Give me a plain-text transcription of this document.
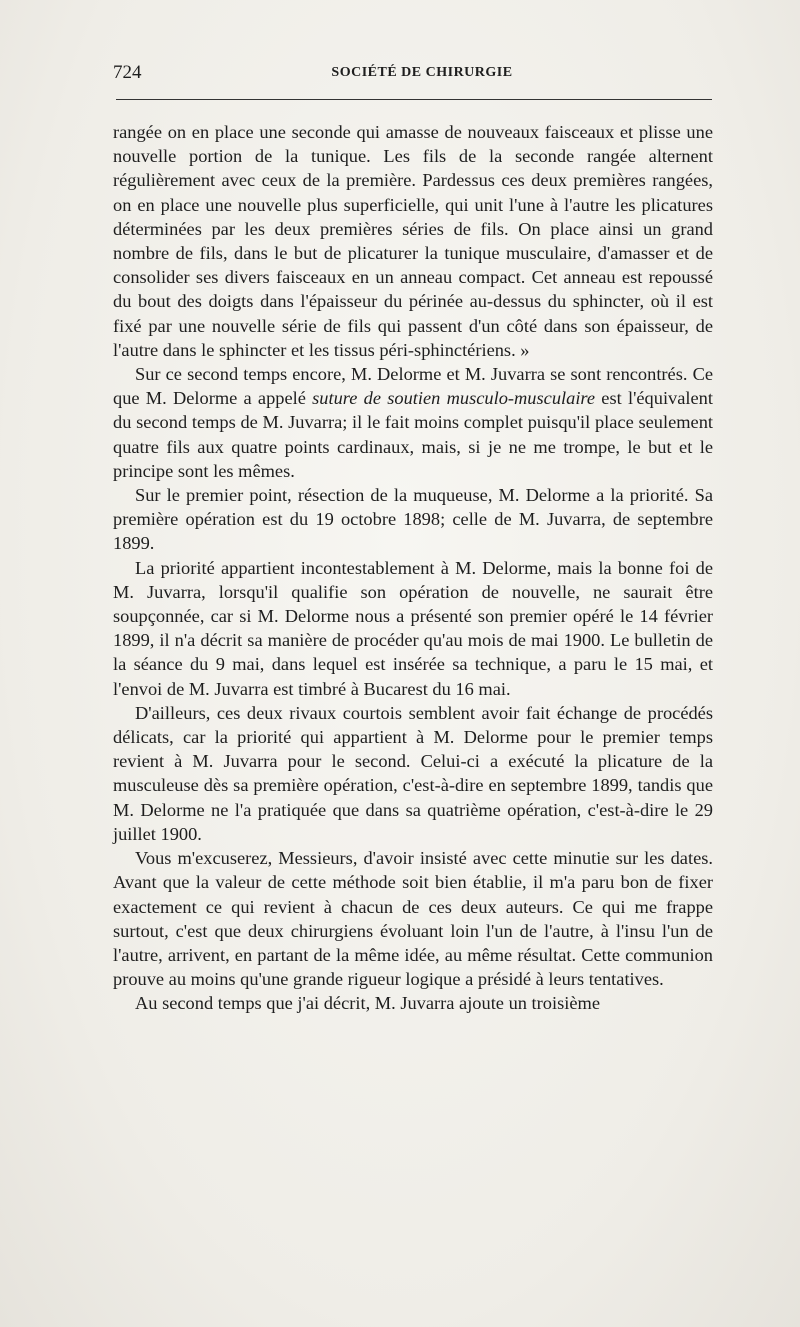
724	SOCIÉTÉ DE CHIRURGIE

rangée on en place une seconde qui amasse de nouveaux faisceaux et plisse une nouvelle portion de la tunique. Les fils de la seconde rangée alternent régulièrement avec ceux de la première. Pardessus ces deux premières rangées, on en place une nouvelle plus superficielle, qui unit l'une à l'autre les plicatures déterminées par les deux premières séries de fils. On place ainsi un grand nombre de fils, dans le but de plicaturer la tunique musculaire, d'amasser et de consolider ses divers faisceaux en un anneau compact. Cet anneau est repoussé du bout des doigts dans l'épaisseur du périnée au-dessus du sphincter, où il est fixé par une nouvelle série de fils qui passent d'un côté dans son épaisseur, de l'autre dans le sphincter et les tissus péri-sphinctériens. »

Sur ce second temps encore, M. Delorme et M. Juvarra se sont rencontrés. Ce que M. Delorme a appelé suture de soutien musculo-musculaire est l'équivalent du second temps de M. Juvarra; il le fait moins complet puisqu'il place seulement quatre fils aux quatre points cardinaux, mais, si je ne me trompe, le but et le principe sont les mêmes.

Sur le premier point, résection de la muqueuse, M. Delorme a la priorité. Sa première opération est du 19 octobre 1898; celle de M. Juvarra, de septembre 1899.

La priorité appartient incontestablement à M. Delorme, mais la bonne foi de M. Juvarra, lorsqu'il qualifie son opération de nouvelle, ne saurait être soupçonnée, car si M. Delorme nous a présenté son premier opéré le 14 février 1899, il n'a décrit sa manière de procéder qu'au mois de mai 1900. Le bulletin de la séance du 9 mai, dans lequel est insérée sa technique, a paru le 15 mai, et l'envoi de M. Juvarra est timbré à Bucarest du 16 mai.

D'ailleurs, ces deux rivaux courtois semblent avoir fait échange de procédés délicats, car la priorité qui appartient à M. Delorme pour le premier temps revient à M. Juvarra pour le second. Celui-ci a exécuté la plicature de la musculeuse dès sa première opération, c'est-à-dire en septembre 1899, tandis que M. Delorme ne l'a pratiquée que dans sa quatrième opération, c'est-à-dire le 29 juillet 1900.

Vous m'excuserez, Messieurs, d'avoir insisté avec cette minutie sur les dates. Avant que la valeur de cette méthode soit bien établie, il m'a paru bon de fixer exactement ce qui revient à chacun de ces deux auteurs. Ce qui me frappe surtout, c'est que deux chirurgiens évoluant loin l'un de l'autre, à l'insu l'un de l'autre, arrivent, en partant de la même idée, au même résultat. Cette communion prouve au moins qu'une grande rigueur logique a présidé à leurs tentatives.

Au second temps que j'ai décrit, M. Juvarra ajoute un troisième
